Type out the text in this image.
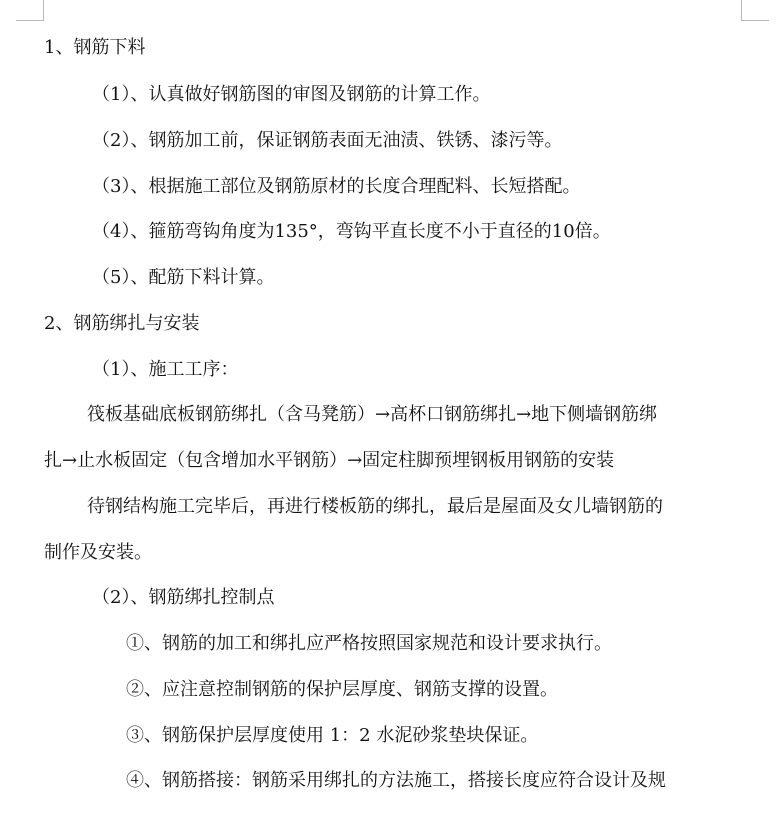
1、钢筋下料
（1）、认真做好钢筋图的审图及钢筋的计算工作。
（2）、钢筋加工前，保证钢筋表面无油渍、铁锈、漆污等。
（3）、根据施工部位及钢筋原材的长度合理配料、长短搭配。
（4）、箍筋弯钩角度为135°，弯钩平直长度不小于直径的10倍。
（5）、配筋下料计算。
2、钢筋绑扎与安装
（1）、施工工序：
筏板基础底板钢筋绑扎（含马凳筋）→高杯口钢筋绑扎→地下侧墙钢筋绑
扎→止水板固定（包含增加水平钢筋）→固定柱脚预埋钢板用钢筋的安装
待钢结构施工完毕后，再进行楼板筋的绑扎，最后是屋面及女儿墙钢筋的
制作及安装。
（2）、钢筋绑扎控制点
①、钢筋的加工和绑扎应严格按照国家规范和设计要求执行。
②、应注意控制钢筋的保护层厚度、钢筋支撑的设置。
③、钢筋保护层厚度使用 1：2 水泥砂浆垫块保证。
④、钢筋搭接：钢筋采用绑扎的方法施工，搭接长度应符合设计及规
